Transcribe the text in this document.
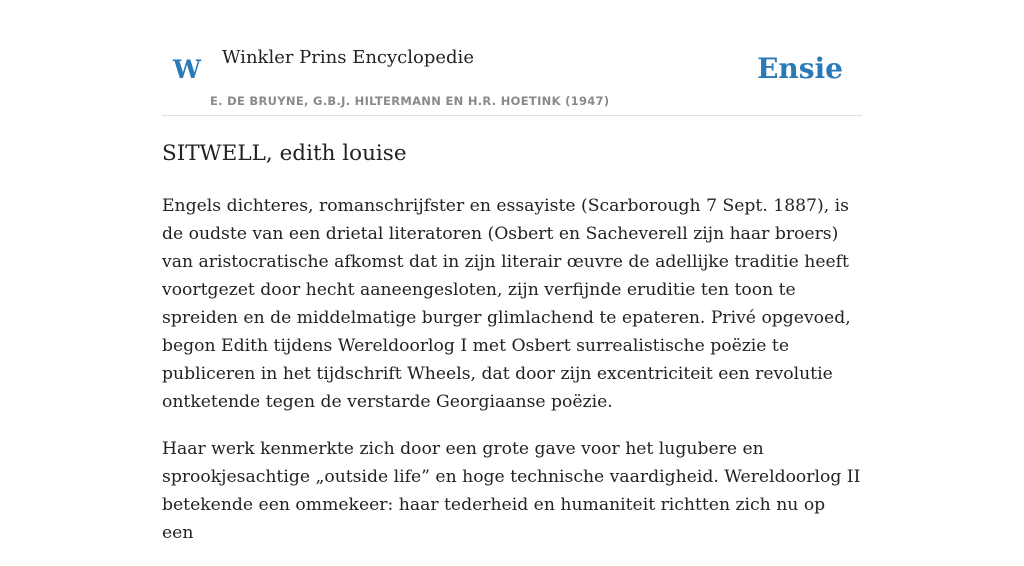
W Winkler Prins Encyclopedie
E. DE BRUYNE, G.B.J. HILTERMANN EN H.R. HOETINK (1947)
Ensie
SITWELL, edith louise

Engels dichteres, romanschrijfster en essayiste (Scarborough 7 Sept. 1887), is de oudste van een drietal literatoren (Osbert en Sacheverell zijn haar broers) van aristocratische afkomst dat in zijn literair œuvre de adellijke traditie heeft voortgezet door hecht aaneengesloten, zijn verfijnde eruditie ten toon te spreiden en de middelmatige burger glimlachend te epateren. Privé opgevoed, begon Edith tijdens Wereldoorlog I met Osbert surrealistische poëzie te publiceren in het tijdschrift Wheels, dat door zijn excentriciteit een revolutie ontketende tegen de verstarde Georgiaanse poëzie.

Haar werk kenmerkte zich door een grote gave voor het lugubere en sprookjesachtige „outside life” en hoge technische vaardigheid. Wereldoorlog II betekende een ommekeer: haar tederheid en humaniteit richtten zich nu op een
